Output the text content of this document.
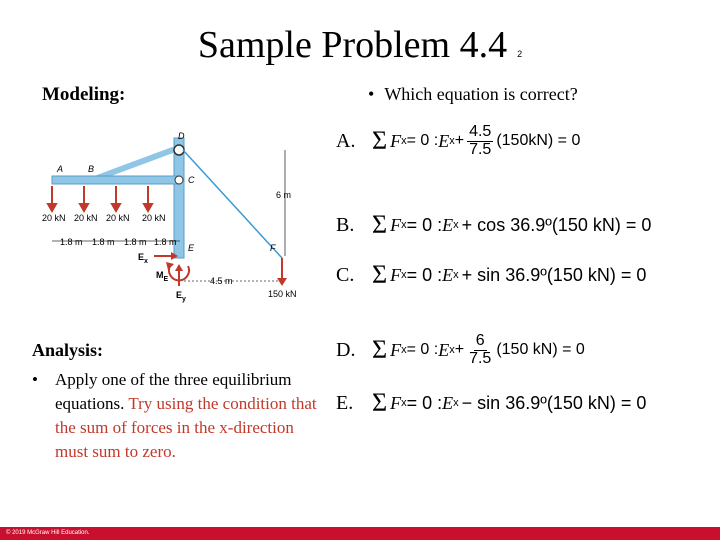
Sample Problem 4.4 2
Modeling:	• Which equation is correct?
20 kN 20 kN 20 kN 20 kN
1.8 m 1.8 m 1.8 m 1.8 m
A	B
C
D
E	F
6 m
4.5 m
$E_x$
$M_E$
$E_y$
150 kN
A. Σ F x = 0 : E $x + \frac{4.5}{7.5} (150kN) = 0$
B. Σ F x = 0 : E x + cos 36.9º (150 kN) = 0
C. Σ F x = 0 : E x + sin 36.9º (150 kN) = 0
D. Σ F x = 0 : E $x + \frac{6}{7.5} (150$ kN) = 0
E. Σ F x = 0 : E x − sin 36.9º (150 kN) = 0
Analysis:
•	Apply one of the three equilibrium equations. Try using the condition that the sum of forces in the x-direction must sum to zero.
© 2019 McGraw Hill Education.
